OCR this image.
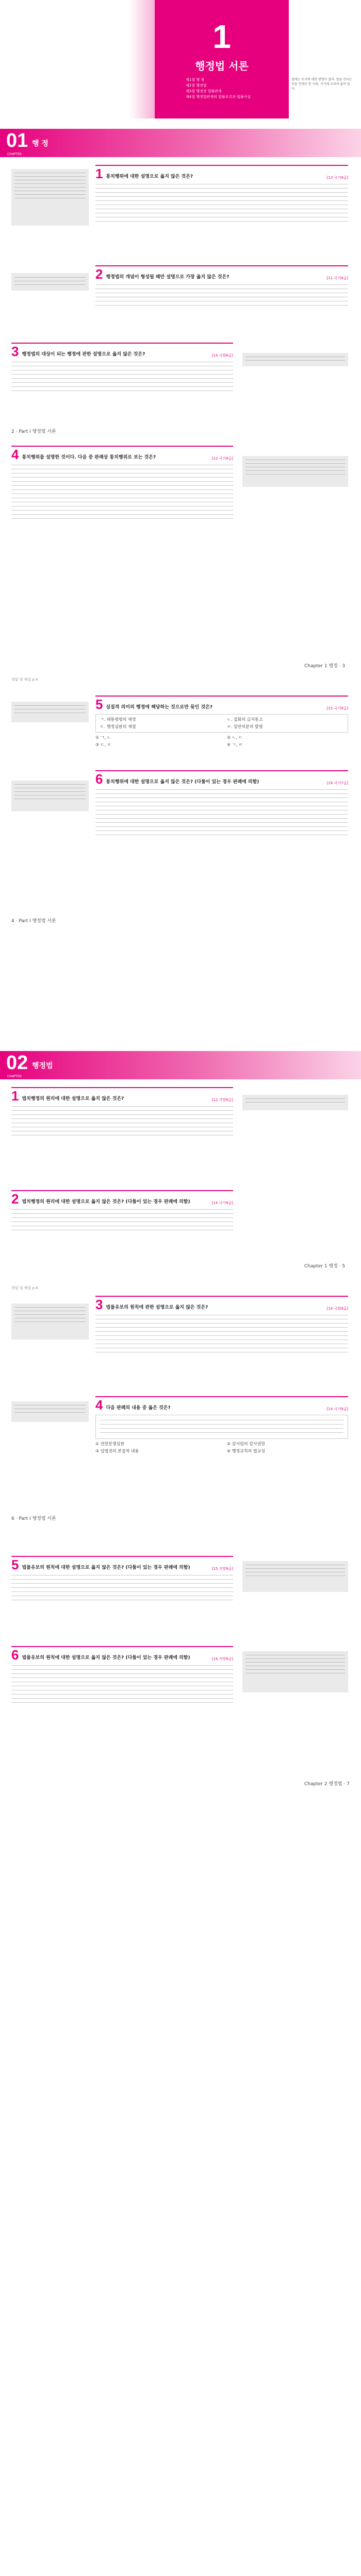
1
행정법 서론
제1절 행 정
제2절 행정법
제3절 행정상 법률관계
제4절 행정법관계의 법률요건과 법률사실
법에는 무지에 대한 변명이 없다. 법을 안다는 것을 전제로 한 사회, 거기에 우리의 삶이 있다.
01 행 정
CHAPTER
1 통치행위에 대한 설명으로 옳지 않은 것은?	[13 국가9급]
2 행정법의 개념이 형성될 때만 설명으로 가장 옳지 않은 것은?	[11 국가9급]
3 행정법의 대상이 되는 행정에 관한 설명으로 옳지 않은 것은?	[14 국회8급]
2 · Part I 행정법 서론
4 통치행위를 설명한 것이다. 다음 중 판례상 통치행위로 보는 것은?	[12 국가9급]
Chapter 1 행정 · 3
정답 및 해설 p.4
5 실질적 의미의 행정에 해당하는 것으로만 묶인 것은?	[15 국가9급]
ㄱ. 대통령령의 제정	ㄴ. 집회의 금지통고
ㄷ. 행정심판의 재결	ㄹ. 일반처분의 발령
① ㄱ, ㄴ	② ㄴ, ㄷ
③ ㄷ, ㄹ	④ ㄱ, ㄹ
6 통치행위에 대한 설명으로 옳지 않은 것은? (다툼이 있는 경우 판례에 의함)	[16 국가7급]
4 · Part I 행정법 서론
02 행정법
CHAPTER
1 법치행정의 원리에 대한 설명으로 옳지 않은 것은?	[12 지방9급]
2 법치행정의 원리에 대한 설명으로 옳지 않은 것은? (다툼이 있는 경우 판례에 의함)	[14 국가9급]
Chapter 1 행정 · 5
정답 및 해설 p.4
3 법률유보의 원칙에 관한 설명으로 옳지 않은 것은?	[14 국회9급]
4 다음 판례의 내용 중 옳은 것은?	[14 국가9급]
① 권한분쟁심판	② 감사원의 감사권한
③ 입법권의 본질적 내용	④ 행정규칙의 법규성
6 · Part I 행정법 서론
5 법률유보의 원칙에 대한 설명으로 옳지 않은 것은? (다툼이 있는 경우 판례에 의함)	[15 지방9급]
6 법률유보의 원칙에 대한 설명으로 옳지 않은 것은? (다툼이 있는 경우 판례에 의함)	[16 지방9급]
Chapter 2 행정법 · 7
